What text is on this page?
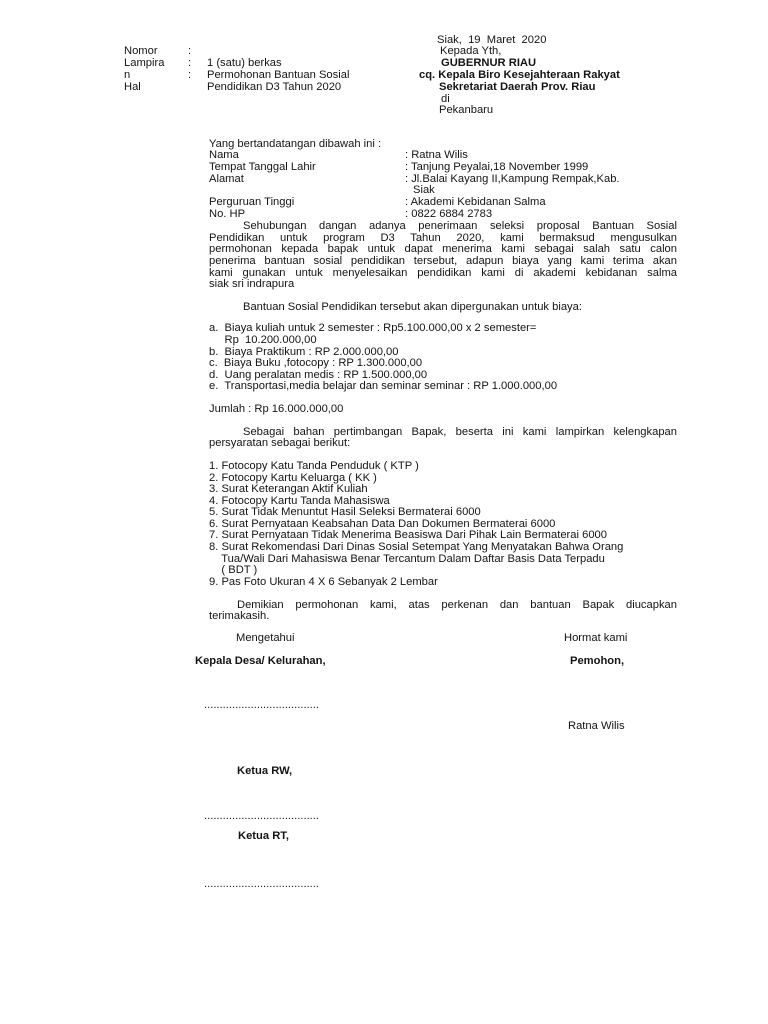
Siak,  19  Maret  2020
Nomor	:
Lampira : 1 (satu) berkas
n	: Permohonan Bantuan Sosial
Hal	Pendidikan D3 Tahun 2020
Kepada Yth,
GUBERNUR RIAU
cq. Kepala Biro Kesejahteraan Rakyat
Sekretariat Daerah Prov. Riau
di
Pekanbaru
Yang bertandatangan dibawah ini :
Nama	: Ratna Wilis
Tempat Tanggal Lahir	: Tanjung Peyalai,18 November 1999
Alamat	: Jl.Balai Kayang II,Kampung Rempak,Kab.
Siak
Perguruan Tinggi	: Akademi Kebidanan Salma
No. HP	: 0822 6884 2783
Sehubungan dangan adanya penerimaan seleksi proposal Bantuan Sosial
Pendidikan untuk program D3 Tahun 2020, kami bermaksud mengusulkan
permohonan kepada bapak untuk dapat menerima kami sebagai salah satu calon
penerima bantuan sosial pendidikan tersebut, adapun biaya yang kami terima akan
kami gunakan untuk menyelesaikan pendidikan kami di akademi kebidanan salma
siak sri indrapura
Bantuan Sosial Pendidikan tersebut akan dipergunakan untuk biaya:
a.  Biaya kuliah untuk 2 semester : Rp5.100.000,00 x 2 semester=
Rp  10.200.000,00
b.  Biaya Praktikum : RP 2.000.000,00
c.  Biaya Buku ,fotocopy : RP 1.300.000,00
d.  Uang peralatan medis : RP 1.500.000,00
e.  Transportasi,media belajar dan seminar seminar : RP 1.000.000,00
Jumlah : Rp 16.000.000,00
Sebagai bahan pertimbangan Bapak, beserta ini kami lampirkan kelengkapan
persyaratan sebagai berikut:
1. Fotocopy Katu Tanda Penduduk ( KTP )
2. Fotocopy Kartu Keluarga ( KK )
3. Surat Keterangan Aktif Kuliah
4. Fotocopy Kartu Tanda Mahasiswa
5. Surat Tidak Menuntut Hasil Seleksi Bermaterai 6000
6. Surat Pernyataan Keabsahan Data Dan Dokumen Bermaterai 6000
7. Surat Pernyataan Tidak Menerima Beasiswa Dari Pihak Lain Bermaterai 6000
8. Surat Rekomendasi Dari Dinas Sosial Setempat Yang Menyatakan Bahwa Orang
Tua/Wali Dari Mahasiswa Benar Tercantum Dalam Daftar Basis Data Terpadu
( BDT )
9. Pas Foto Ukuran 4 X 6 Sebanyak 2 Lembar
Demikian permohonan kami, atas perkenan dan bantuan Bapak diucapkan
terimakasih.
Mengetahui	Hormat kami
Kepala Desa/ Kelurahan,	Pemohon,
.....................................
Ratna Wilis
Ketua RW,
.....................................
Ketua RT,
.....................................
